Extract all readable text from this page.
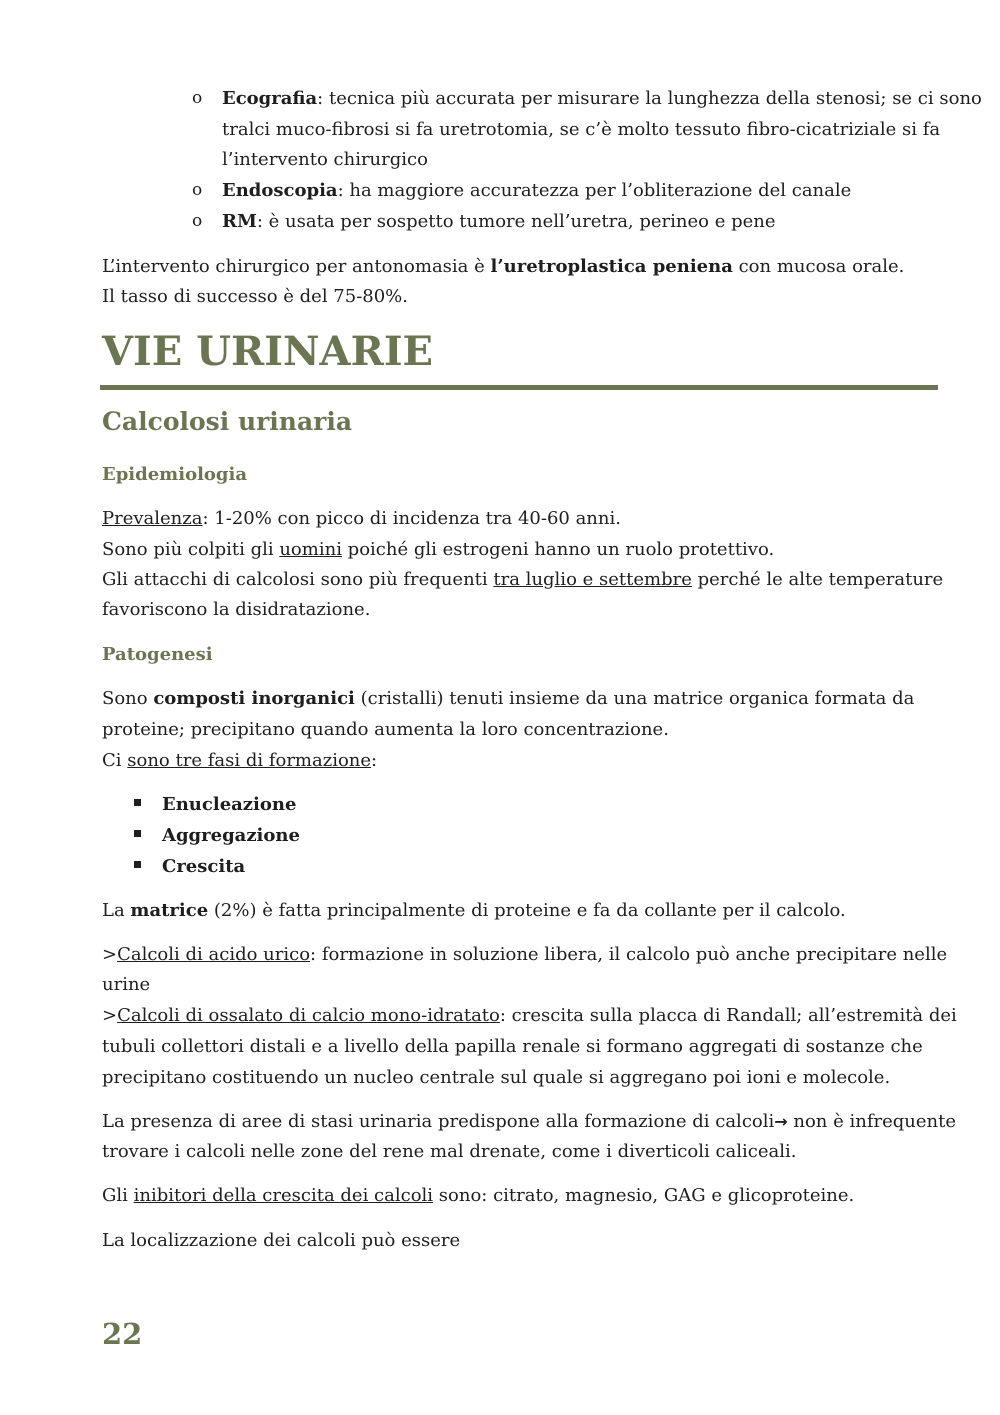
o Ecografia: tecnica più accurata per misurare la lunghezza della stenosi; se ci sono
tralci muco-fibrosi si fa uretrotomia, se c’è molto tessuto fibro-cicatriziale si fa
l’intervento chirurgico
o Endoscopia: ha maggiore accuratezza per l’obliterazione del canale
o RM: è usata per sospetto tumore nell’uretra, perineo e pene

L’intervento chirurgico per antonomasia è l’uretroplastica peniena con mucosa orale.

Il tasso di successo è del 75-80%.

VIE URINARIE
Calcolosi urinaria
Epidemiologia

Prevalenza: 1-20% con picco di incidenza tra 40-60 anni.

Sono più colpiti gli uomini poiché gli estrogeni hanno un ruolo protettivo.

Gli attacchi di calcolosi sono più frequenti tra luglio e settembre perché le alte temperature

favoriscono la disidratazione.

Patogenesi

Sono composti inorganici (cristalli) tenuti insieme da una matrice organica formata da

proteine; precipitano quando aumenta la loro concentrazione.

Ci sono tre fasi di formazione:

Enucleazione
Aggregazione
Crescita

La matrice (2%) è fatta principalmente di proteine e fa da collante per il calcolo.

>Calcoli di acido urico: formazione in soluzione libera, il calcolo può anche precipitare nelle

urine

>Calcoli di ossalato di calcio mono-idratato: crescita sulla placca di Randall; all’estremità dei

tubuli collettori distali e a livello della papilla renale si formano aggregati di sostanze che

precipitano costituendo un nucleo centrale sul quale si aggregano poi ioni e molecole.

La presenza di aree di stasi urinaria predispone alla formazione di calcoli→ non è infrequente

trovare i calcoli nelle zone del rene mal drenate, come i diverticoli caliceali.

Gli inibitori della crescita dei calcoli sono: citrato, magnesio, GAG e glicoproteine.

La localizzazione dei calcoli può essere

22
